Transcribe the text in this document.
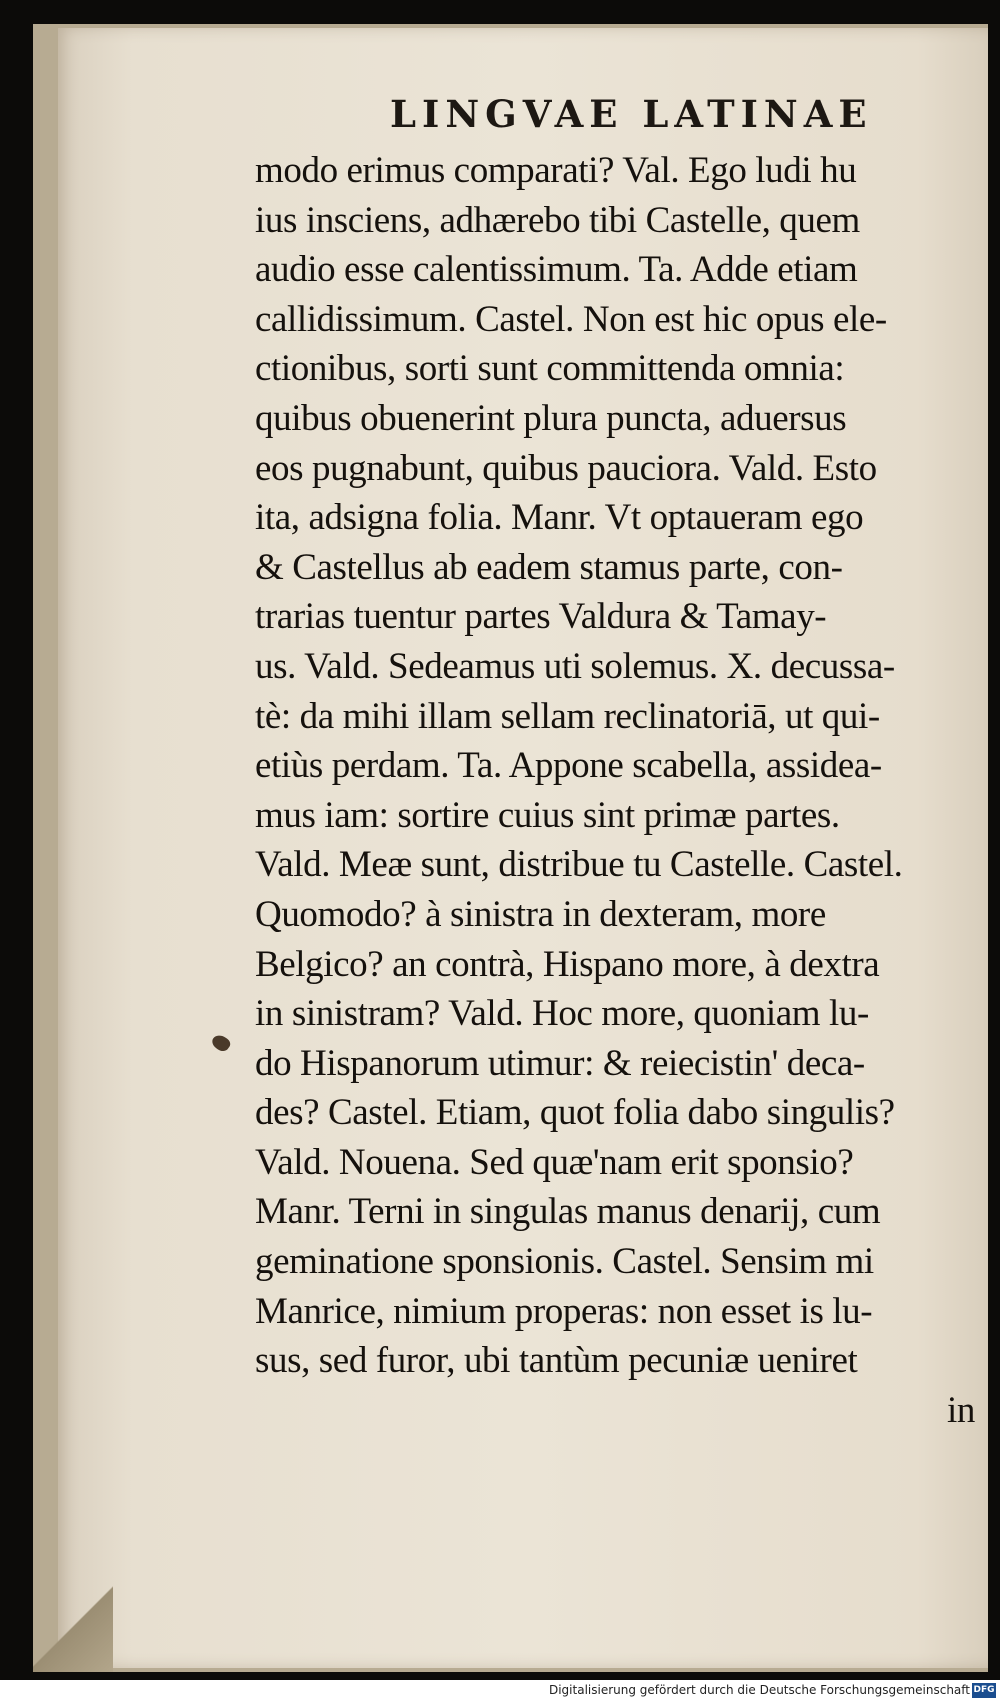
LINGVAE LATINAE
modo erimus comparati? Val. Ego ludi hu
ius insciens, adhærebo tibi Castelle, quem
audio esse calentissimum. Ta. Adde etiam
callidissimum. Castel. Non est hic opus ele-
ctionibus, sorti sunt committenda omnia:
quibus obuenerint plura puncta, aduersus
eos pugnabunt, quibus pauciora. Vald. Esto
ita, adsigna folia. Manr. Vt optaueram ego
& Castellus ab eadem stamus parte, con-
trarias tuentur partes Valdura & Tamay-
us. Vald. Sedeamus uti solemus. X. decussa-
tè: da mihi illam sellam reclinatoriā, ut qui-
etiùs perdam. Ta. Appone scabella, assidea-
mus iam: sortire cuius sint primæ partes.
Vald. Meæ sunt, distribue tu Castelle. Castel.
Quomodo? à sinistra in dexteram, more
Belgico? an contrà, Hispano more, à dextra
in sinistram? Vald. Hoc more, quoniam lu-
do Hispanorum utimur: & reiecistin' deca-
des? Castel. Etiam, quot folia dabo singulis?
Vald. Nouena. Sed quæ'nam erit sponsio?
Manr. Terni in singulas manus denarij, cum
geminatione sponsionis. Castel. Sensim mi
Manrice, nimium properas: non esset is lu-
sus, sed furor, ubi tantùm pecuniæ ueniret
in
Digitalisierung gefördert durch die Deutsche Forschungsgemeinschaft DFG
